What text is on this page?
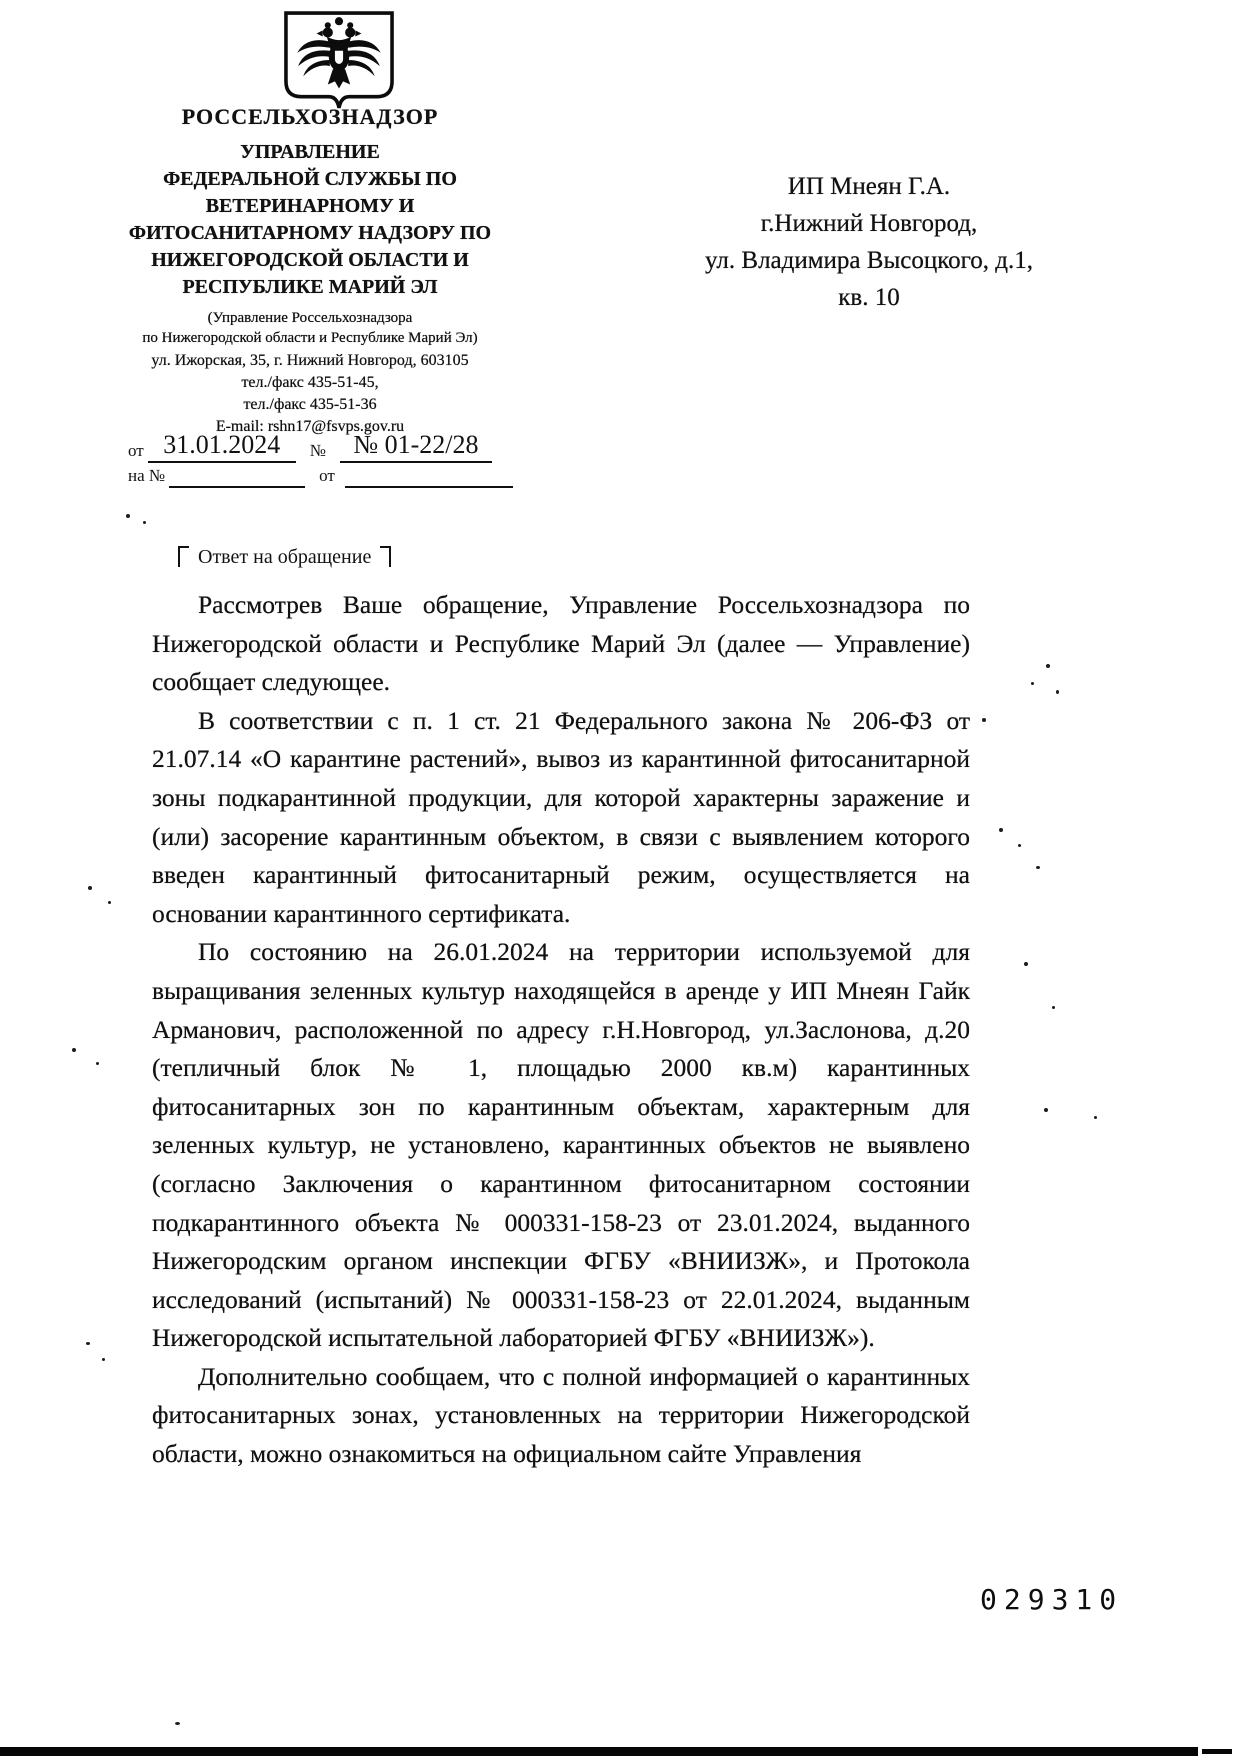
РОССЕЛЬХОЗНАДЗОР
УПРАВЛЕНИЕ
ФЕДЕРАЛЬНОЙ СЛУЖБЫ ПО
ВЕТЕРИНАРНОМУ И
ФИТОСАНИТАРНОМУ НАДЗОРУ ПО
НИЖЕГОРОДСКОЙ ОБЛАСТИ И
РЕСПУБЛИКЕ МАРИЙ ЭЛ
(Управление Россельхознадзора
по Нижегородской области и Республике Марий Эл)
ул. Ижорская, 35, г. Нижний Новгород, 603105
тел./факс 435-51-45,
тел./факс 435-51-36
E-mail: rshn17@fsvps.gov.ru
ИП Мнеян Г.А.
г.Нижний Новгород,
ул. Владимира Высоцкого, д.1,
кв. 10
от 31.01.2024	№	№ 01-22/28
на №	от
Ответ на обращение

Рассмотрев Ваше обращение, Управление Россельхознадзора по Нижегородской области и Республике Марий Эл (далее — Управление) сообщает следующее.

В соответствии с п. 1 ст. 21 Федерального закона № 206-ФЗ от 21.07.14 «О карантине растений», вывоз из карантинной фитосанитарной зоны подкарантинной продукции, для которой характерны заражение и (или) засорение карантинным объектом, в связи с выявлением которого введен карантинный фитосанитарный режим, осуществляется на основании карантинного сертификата.

По состоянию на 26.01.2024 на территории используемой для выращивания зеленных культур находящейся в аренде у ИП Мнеян Гайк Арманович, расположенной по адресу г.Н.Новгород, ул.Заслонова, д.20 (тепличный блок № 1, площадью 2000 кв.м) карантинных фитосанитарных зон по карантинным объектам, характерным для зеленных культур, не установлено, карантинных объектов не выявлено (согласно Заключения о карантинном фитосанитарном состоянии подкарантинного объекта № 000331-158-23 от 23.01.2024, выданного Нижегородским органом инспекции ФГБУ «ВНИИЗЖ», и Протокола исследований (испытаний) № 000331-158-23 от 22.01.2024, выданным Нижегородской испытательной лабораторией ФГБУ «ВНИИЗЖ»).

Дополнительно сообщаем, что с полной информацией о карантинных фитосанитарных зонах, установленных на территории Нижегородской области, можно ознакомиться на официальном сайте Управления

029310
